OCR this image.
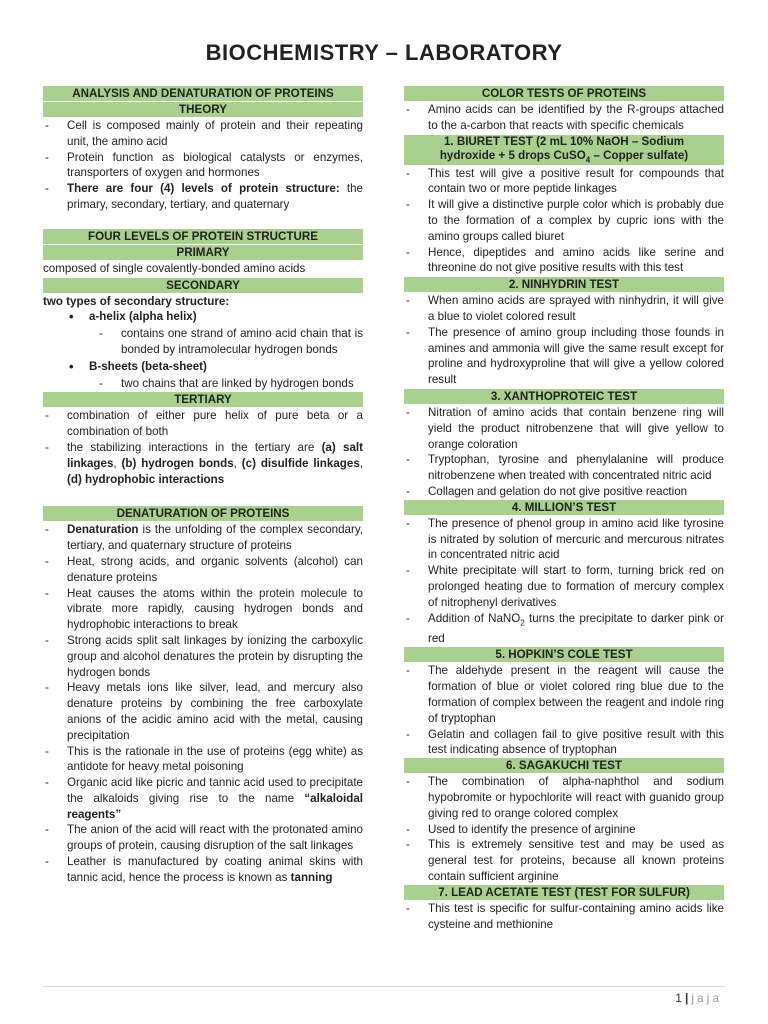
BIOCHEMISTRY – LABORATORY
ANALYSIS AND DENATURATION OF PROTEINS
THEORY
- Cell is composed mainly of protein and their repeating unit, the amino acid
- Protein function as biological catalysts or enzymes, transporters of oxygen and hormones
- There are four (4) levels of protein structure: the primary, secondary, tertiary, and quaternary
FOUR LEVELS OF PROTEIN STRUCTURE
PRIMARY
composed of single covalently-bonded amino acids
SECONDARY
two types of secondary structure:
• a-helix (alpha helix)
- contains one strand of amino acid chain that is bonded by intramolecular hydrogen bonds
• B-sheets (beta-sheet)
- two chains that are linked by hydrogen bonds
TERTIARY
- combination of either pure helix of pure beta or a combination of both
- the stabilizing interactions in the tertiary are (a) salt linkages, (b) hydrogen bonds, (c) disulfide linkages, (d) hydrophobic interactions
DENATURATION OF PROTEINS
- Denaturation is the unfolding of the complex secondary, tertiary, and quaternary structure of proteins
- Heat, strong acids, and organic solvents (alcohol) can denature proteins
- Heat causes the atoms within the protein molecule to vibrate more rapidly, causing hydrogen bonds and hydrophobic interactions to break
- Strong acids split salt linkages by ionizing the carboxylic group and alcohol denatures the protein by disrupting the hydrogen bonds
- Heavy metals ions like silver, lead, and mercury also denature proteins by combining the free carboxylate anions of the acidic amino acid with the metal, causing precipitation
- This is the rationale in the use of proteins (egg white) as antidote for heavy metal poisoning
- Organic acid like picric and tannic acid used to precipitate the alkaloids giving rise to the name “alkaloidal reagents”
- The anion of the acid will react with the protonated amino groups of protein, causing disruption of the salt linkages
- Leather is manufactured by coating animal skins with tannic acid, hence the process is known as tanning
COLOR TESTS OF PROTEINS
- Amino acids can be identified by the R-groups attached to the a-carbon that reacts with specific chemicals
1. BIURET TEST (2 mL 10% NaOH – Sodium
hydroxide + 5 drops CuSO$_4$ – Copper sulfate)
- This test will give a positive result for compounds that contain two or more peptide linkages
- It will give a distinctive purple color which is probably due to the formation of a complex by cupric ions with the amino groups called biuret
- Hence, dipeptides and amino acids like serine and threonine do not give positive results with this test
2. NINHYDRIN TEST
- When amino acids are sprayed with ninhydrin, it will give a blue to violet colored result
- The presence of amino group including those founds in amines and ammonia will give the same result except for proline and hydroxyproline that will give a yellow colored result
3. XANTHOPROTEIC TEST
- Nitration of amino acids that contain benzene ring will yield the product nitrobenzene that will give yellow to orange coloration
- Tryptophan, tyrosine and phenylalanine will produce nitrobenzene when treated with concentrated nitric acid
- Collagen and gelation do not give positive reaction
4. MILLION’S TEST
- The presence of phenol group in amino acid like tyrosine is nitrated by solution of mercuric and mercurous nitrates in concentrated nitric acid
- White precipitate will start to form, turning brick red on prolonged heating due to formation of mercury complex of nitrophenyl derivatives
- Addition of NaNO$_2$ turns the precipitate to darker pink or red
5. HOPKIN’S COLE TEST
- The aldehyde present in the reagent will cause the formation of blue or violet colored ring blue due to the formation of complex between the reagent and indole ring of tryptophan
- Gelatin and collagen fail to give positive result with this test indicating absence of tryptophan
6. SAGAKUCHI TEST
- The combination of alpha-naphthol and sodium hypobromite or hypochlorite will react with guanido group giving red to orange colored complex
- Used to identify the presence of arginine
- This is extremely sensitive test and may be used as general test for proteins, because all known proteins contain sufficient arginine
7. LEAD ACETATE TEST (TEST FOR SULFUR)
- This test is specific for sulfur-containing amino acids like cysteine and methionine
1 | jaja
